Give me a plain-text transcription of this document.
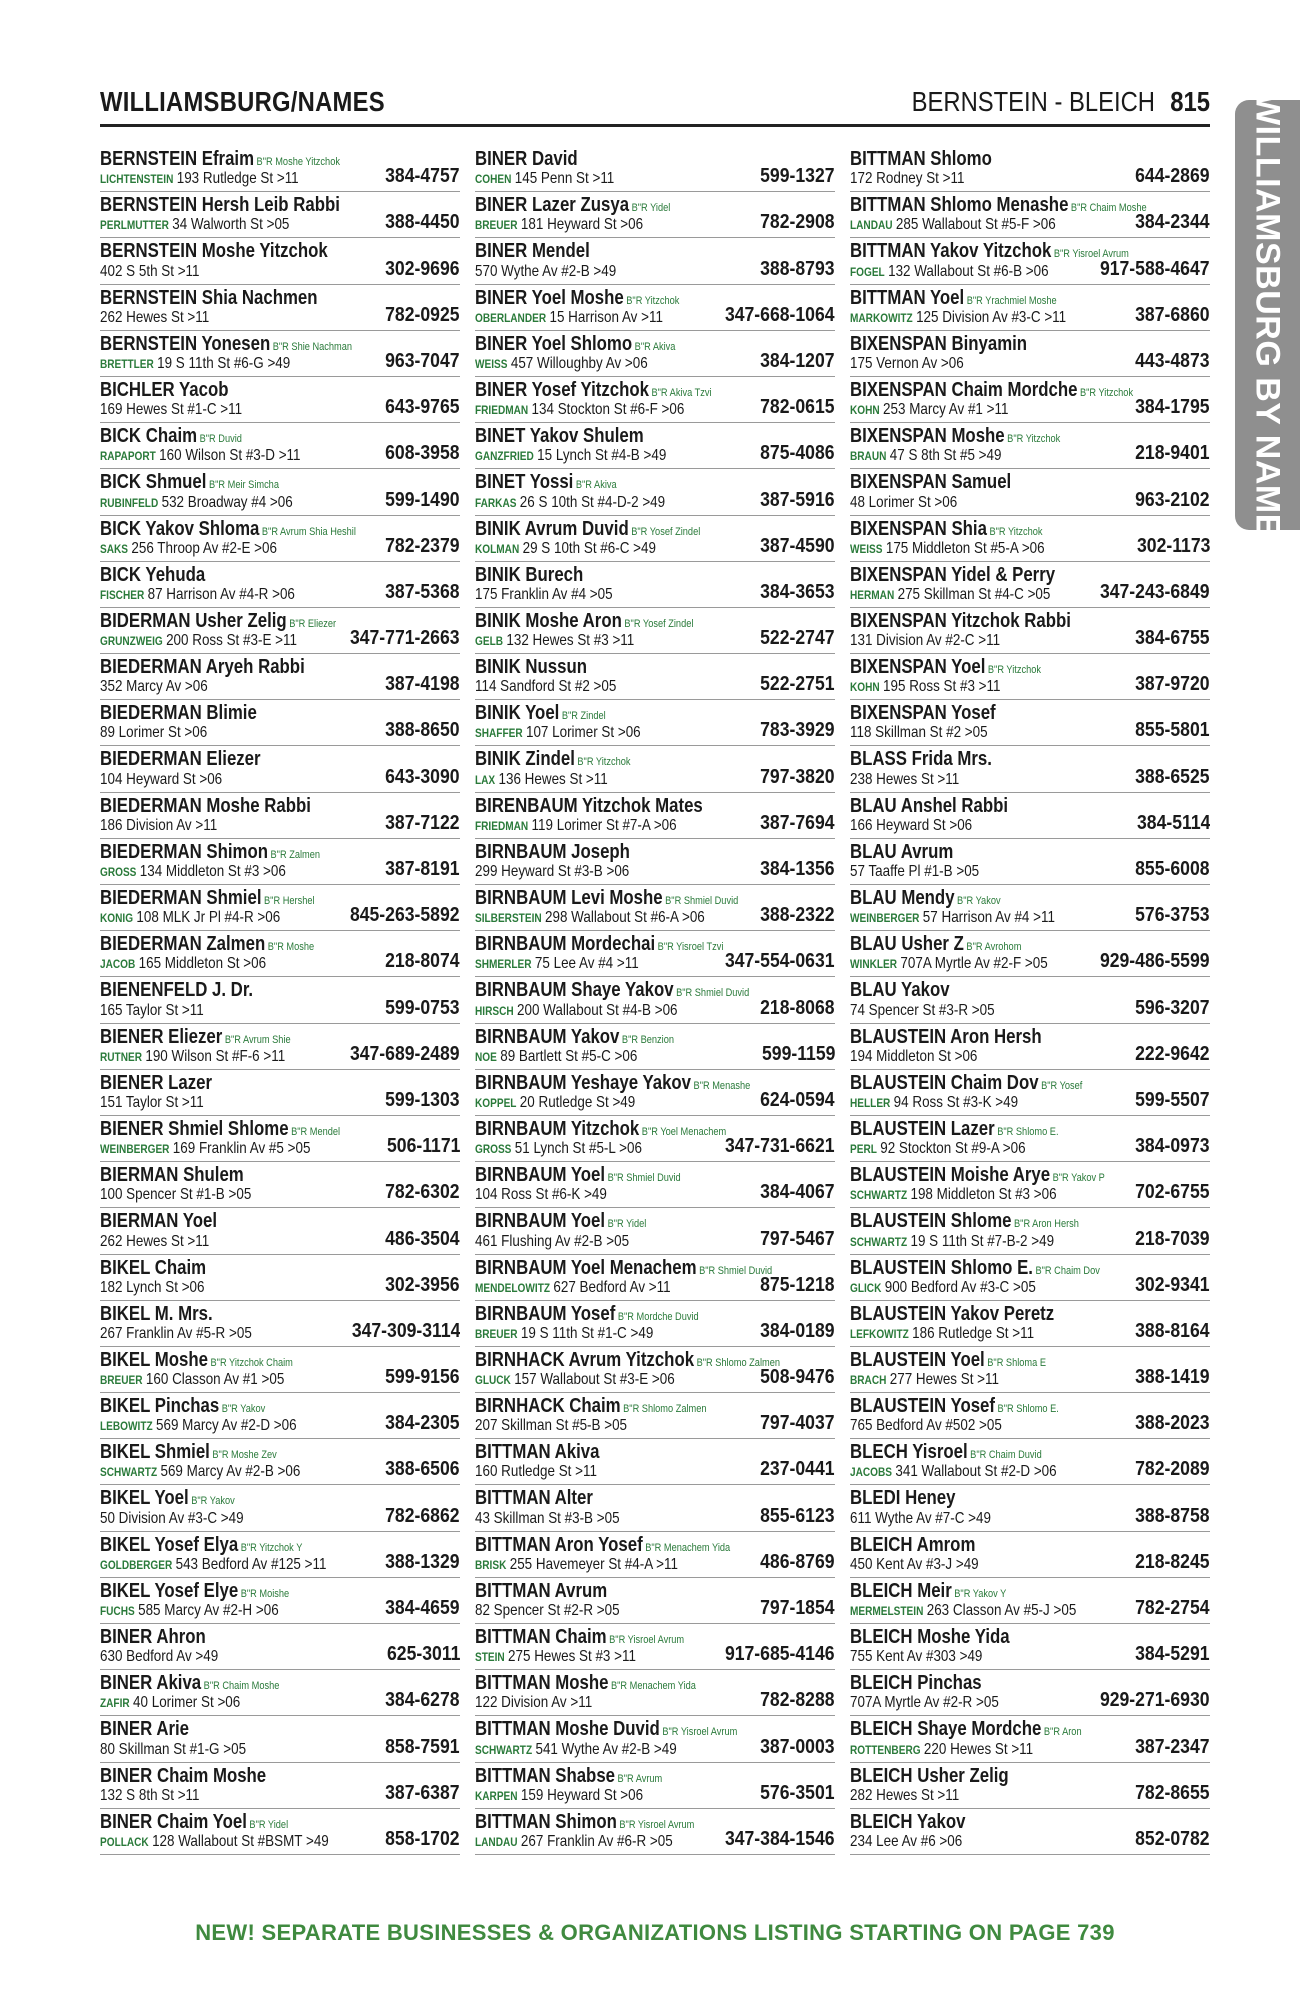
WILLIAMSBURG/NAMES	BERNSTEIN - BLEICH 815 WILLIAMSBURG BY NAME
BERNSTEIN Efraim B"R Moshe Yitzchok
LICHTENSTEIN 193 Rutledge St >11	384-4757
BERNSTEIN Hersh Leib Rabbi
PERLMUTTER 34 Walworth St >05	388-4450
BERNSTEIN Moshe Yitzchok
402 S 5th St >11	302-9696
BERNSTEIN Shia Nachmen
262 Hewes St >11	782-0925
BERNSTEIN Yonesen B"R Shie Nachman
BRETTLER 19 S 11th St #6-G >49	963-7047
BICHLER Yacob
169 Hewes St #1-C >11	643-9765
BICK Chaim B"R Duvid
RAPAPORT 160 Wilson St #3-D >11	608-3958
BICK Shmuel B"R Meir Simcha
RUBINFELD 532 Broadway #4 >06	599-1490
BICK Yakov Shloma B"R Avrum Shia Heshil
SAKS 256 Throop Av #2-E >06	782-2379
BICK Yehuda
FISCHER 87 Harrison Av #4-R >06	387-5368
BIDERMAN Usher Zelig B"R Eliezer
GRUNZWEIG 200 Ross St #3-E >11	347-771-2663
BIEDERMAN Aryeh Rabbi
352 Marcy Av >06	387-4198
BIEDERMAN Blimie
89 Lorimer St >06	388-8650
BIEDERMAN Eliezer
104 Heyward St >06	643-3090
BIEDERMAN Moshe Rabbi
186 Division Av >11	387-7122
BIEDERMAN Shimon B"R Zalmen
GROSS 134 Middleton St #3 >06	387-8191
BIEDERMAN Shmiel B"R Hershel
KONIG 108 MLK Jr Pl #4-R >06	845-263-5892
BIEDERMAN Zalmen B"R Moshe
JACOB 165 Middleton St >06	218-8074
BIENENFELD J. Dr.
165 Taylor St >11	599-0753
BIENER Eliezer B"R Avrum Shie
RUTNER 190 Wilson St #F-6 >11	347-689-2489
BIENER Lazer
151 Taylor St >11	599-1303
BIENER Shmiel Shlome B"R Mendel
WEINBERGER 169 Franklin Av #5 >05	506-1171
BIERMAN Shulem
100 Spencer St #1-B >05	782-6302
BIERMAN Yoel
262 Hewes St >11	486-3504
BIKEL Chaim
182 Lynch St >06	302-3956
BIKEL M. Mrs.
267 Franklin Av #5-R >05	347-309-3114
BIKEL Moshe B"R Yitzchok Chaim
BREUER 160 Classon Av #1 >05	599-9156
BIKEL Pinchas B"R Yakov
LEBOWITZ 569 Marcy Av #2-D >06	384-2305
BIKEL Shmiel B"R Moshe Zev
SCHWARTZ 569 Marcy Av #2-B >06	388-6506
BIKEL Yoel B"R Yakov
50 Division Av #3-C >49	782-6862
BIKEL Yosef Elya B"R Yitzchok Y
GOLDBERGER 543 Bedford Av #125 >11	388-1329
BIKEL Yosef Elye B"R Moishe
FUCHS 585 Marcy Av #2-H >06	384-4659
BINER Ahron
630 Bedford Av >49	625-3011
BINER Akiva B"R Chaim Moshe
ZAFIR 40 Lorimer St >06	384-6278
BINER Arie
80 Skillman St #1-G >05	858-7591
BINER Chaim Moshe
132 S 8th St >11	387-6387
BINER Chaim Yoel B"R Yidel
POLLACK 128 Wallabout St #BSMT >49	858-1702
BINER David
COHEN 145 Penn St >11	599-1327
BINER Lazer Zusya B"R Yidel
BREUER 181 Heyward St >06	782-2908
BINER Mendel
570 Wythe Av #2-B >49	388-8793
BINER Yoel Moshe B"R Yitzchok
OBERLANDER 15 Harrison Av >11	347-668-1064
BINER Yoel Shlomo B"R Akiva
WEISS 457 Willoughby Av >06	384-1207
BINER Yosef Yitzchok B"R Akiva Tzvi
FRIEDMAN 134 Stockton St #6-F >06	782-0615
BINET Yakov Shulem
GANZFRIED 15 Lynch St #4-B >49	875-4086
BINET Yossi B"R Akiva
FARKAS 26 S 10th St #4-D-2 >49	387-5916
BINIK Avrum Duvid B"R Yosef Zindel
KOLMAN 29 S 10th St #6-C >49	387-4590
BINIK Burech
175 Franklin Av #4 >05	384-3653
BINIK Moshe Aron B"R Yosef Zindel
GELB 132 Hewes St #3 >11	522-2747
BINIK Nussun
114 Sandford St #2 >05	522-2751
BINIK Yoel B"R Zindel
SHAFFER 107 Lorimer St >06	783-3929
BINIK Zindel B"R Yitzchok
LAX 136 Hewes St >11	797-3820
BIRENBAUM Yitzchok Mates
FRIEDMAN 119 Lorimer St #7-A >06	387-7694
BIRNBAUM Joseph
299 Heyward St #3-B >06	384-1356
BIRNBAUM Levi Moshe B"R Shmiel Duvid
SILBERSTEIN 298 Wallabout St #6-A >06	388-2322
BIRNBAUM Mordechai B"R Yisroel Tzvi
SHMERLER 75 Lee Av #4 >11	347-554-0631
BIRNBAUM Shaye Yakov B"R Shmiel Duvid
HIRSCH 200 Wallabout St #4-B >06	218-8068
BIRNBAUM Yakov B"R Benzion
NOE 89 Bartlett St #5-C >06	599-1159
BIRNBAUM Yeshaye Yakov B"R Menashe
KOPPEL 20 Rutledge St >49	624-0594
BIRNBAUM Yitzchok B"R Yoel Menachem
GROSS 51 Lynch St #5-L >06	347-731-6621
BIRNBAUM Yoel B"R Shmiel Duvid
104 Ross St #6-K >49	384-4067
BIRNBAUM Yoel B"R Yidel
461 Flushing Av #2-B >05	797-5467
BIRNBAUM Yoel Menachem B"R Shmiel Duvid
MENDELOWITZ 627 Bedford Av >11	875-1218
BIRNBAUM Yosef B"R Mordche Duvid
BREUER 19 S 11th St #1-C >49	384-0189
BIRNHACK Avrum Yitzchok B"R Shlomo Zalmen
GLUCK 157 Wallabout St #3-E >06	508-9476
BIRNHACK Chaim B"R Shlomo Zalmen
207 Skillman St #5-B >05	797-4037
BITTMAN Akiva
160 Rutledge St >11	237-0441
BITTMAN Alter
43 Skillman St #3-B >05	855-6123
BITTMAN Aron Yosef B"R Menachem Yida
BRISK 255 Havemeyer St #4-A >11	486-8769
BITTMAN Avrum
82 Spencer St #2-R >05	797-1854
BITTMAN Chaim B"R Yisroel Avrum
STEIN 275 Hewes St #3 >11	917-685-4146
BITTMAN Moshe B"R Menachem Yida
122 Division Av >11	782-8288
BITTMAN Moshe Duvid B"R Yisroel Avrum
SCHWARTZ 541 Wythe Av #2-B >49	387-0003
BITTMAN Shabse B"R Avrum
KARPEN 159 Heyward St >06	576-3501
BITTMAN Shimon B"R Yisroel Avrum
LANDAU 267 Franklin Av #6-R >05	347-384-1546
BITTMAN Shlomo
172 Rodney St >11	644-2869
BITTMAN Shlomo Menashe B"R Chaim Moshe
LANDAU 285 Wallabout St #5-F >06	384-2344
BITTMAN Yakov Yitzchok B"R Yisroel Avrum
FOGEL 132 Wallabout St #6-B >06	917-588-4647
BITTMAN Yoel B"R Yrachmiel Moshe
MARKOWITZ 125 Division Av #3-C >11	387-6860
BIXENSPAN Binyamin
175 Vernon Av >06	443-4873
BIXENSPAN Chaim Mordche B"R Yitzchok
KOHN 253 Marcy Av #1 >11	384-1795
BIXENSPAN Moshe B"R Yitzchok
BRAUN 47 S 8th St #5 >49	218-9401
BIXENSPAN Samuel
48 Lorimer St >06	963-2102
BIXENSPAN Shia B"R Yitzchok
WEISS 175 Middleton St #5-A >06	302-1173
BIXENSPAN Yidel & Perry
HERMAN 275 Skillman St #4-C >05	347-243-6849
BIXENSPAN Yitzchok Rabbi
131 Division Av #2-C >11	384-6755
BIXENSPAN Yoel B"R Yitzchok
KOHN 195 Ross St #3 >11	387-9720
BIXENSPAN Yosef
118 Skillman St #2 >05	855-5801
BLASS Frida Mrs.
238 Hewes St >11	388-6525
BLAU Anshel Rabbi
166 Heyward St >06	384-5114
BLAU Avrum
57 Taaffe Pl #1-B >05	855-6008
BLAU Mendy B"R Yakov
WEINBERGER 57 Harrison Av #4 >11	576-3753
BLAU Usher Z B"R Avrohom
WINKLER 707A Myrtle Av #2-F >05	929-486-5599
BLAU Yakov
74 Spencer St #3-R >05	596-3207
BLAUSTEIN Aron Hersh
194 Middleton St >06	222-9642
BLAUSTEIN Chaim Dov B"R Yosef
HELLER 94 Ross St #3-K >49	599-5507
BLAUSTEIN Lazer B"R Shlomo E.
PERL 92 Stockton St #9-A >06	384-0973
BLAUSTEIN Moishe Arye B"R Yakov P
SCHWARTZ 198 Middleton St #3 >06	702-6755
BLAUSTEIN Shlome B"R Aron Hersh
SCHWARTZ 19 S 11th St #7-B-2 >49	218-7039
BLAUSTEIN Shlomo E. B"R Chaim Dov
GLICK 900 Bedford Av #3-C >05	302-9341
BLAUSTEIN Yakov Peretz
LEFKOWITZ 186 Rutledge St >11	388-8164
BLAUSTEIN Yoel B"R Shloma E
BRACH 277 Hewes St >11	388-1419
BLAUSTEIN Yosef B"R Shlomo E.
765 Bedford Av #502 >05	388-2023
BLECH Yisroel B"R Chaim Duvid
JACOBS 341 Wallabout St #2-D >06	782-2089
BLEDI Heney
611 Wythe Av #7-C >49	388-8758
BLEICH Amrom
450 Kent Av #3-J >49	218-8245
BLEICH Meir B"R Yakov Y
MERMELSTEIN 263 Classon Av #5-J >05	782-2754
BLEICH Moshe Yida
755 Kent Av #303 >49	384-5291
BLEICH Pinchas
707A Myrtle Av #2-R >05	929-271-6930
BLEICH Shaye Mordche B"R Aron
ROTTENBERG 220 Hewes St >11	387-2347
BLEICH Usher Zelig
282 Hewes St >11	782-8655
BLEICH Yakov
234 Lee Av #6 >06	852-0782
NEW! SEPARATE BUSINESSES & ORGANIZATIONS LISTING STARTING ON PAGE 739
